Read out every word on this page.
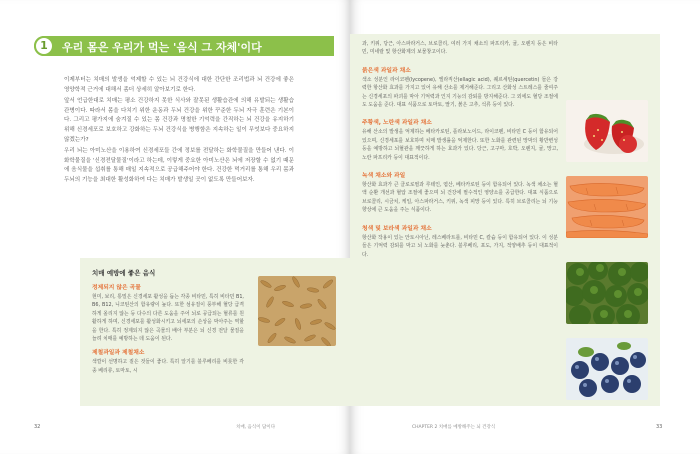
1	우리 몸은 우리가 먹는 '음식 그 자체'이다

이제부터는 치매의 발생을 억제할 수 있는 뇌 건강식에 대한 간단한 조리법과 뇌 건강에 좋은 영양학적 근거에 대해서 좀더 상세히 알아보기로 한다.

앞서 언급한대로 치매는 평소 건강하지 못한 식사와 잘못된 생활습관에 의해 유발되는 생활습관병이다. 따라서 몸을 다치기 위한 운동과 두뇌 건강을 위한 꾸준한 두뇌 자극 훈련은 기본이다. 그리고 평가지에 숨겨질 수 있는 몸 건강과 명철한 기억력을 간직하는 뇌 건강을 유지하기 위해 신경세포로 보호하고 강화하는 두뇌 건강식을 병행함은 지속하는 일이 무엇보다 중요하지 않겠는가?

우리 뇌는 아미노산을 이용하여 신경세포들 간에 정보를 전달하는 화학물질을 만들어 낸다. 이 화학물질을 '신경전달물질'이라고 하는데, 이렇게 중요한 아미노산은 뇌에 저장할 수 없기 때문에 음식물을 섭취를 통해 매일 지속적으로 공급해주어야 한다. 건강한 먹거리를 통해 우리 몸과 두뇌의 기능을 최대한 활성화하여 다는 치매가 발생일 곳이 없도록 만들어보자.

치매 예방에 좋은 음식
정제되지 않은 곡물
현미, 보리, 통밀은 신경세포 활성을 돕는 각종 비타민, 특히 비타민 B1, B6, B12, 니코틴산의 함유량이 높다. 또한 섬유질이 풍부해 혈당 급격하게 올리지 않는 등 다수의 다른 도움을 주어 뇌로 공급되는 혈류를 원활하게 하며, 신경세포를 활성화시키고 뇌세포의 손상을 막아주는 역할을 한다. 특히 정제되지 않은 곡물의 배아 부분은 뇌 신경 전달 물질을 늘려 치매를 예방하는 데 도움이 된다.
제철과일과 제철채소
색깔이 선명하고 짙은 것들이 좋다. 특히 알기를 블루베리를 비롯한 각종 베리류, 토마토, 시
32	치매, 음식이 답이다
과, 키위, 당근, 아스파라거스, 브로콜리, 여러 가지 채소의 파프리카, 귤, 오렌지 등은 비타민, 미네랄 및 항산화제의 보물창고이다.
붉은색 과일과 채소
색소 성분인 라이코펜(lycopene), 엘라직산(ellagic acid), 퀘르세틴(quercetin) 들은 강력한 항산화 효과를 가지고 있어 유해 산소를 제거해준다. 그리고 산화성 스트레스를 줄여주는 신경세포의 파괴를 막아 기억력과 인지 기능의 감퇴를 방지해준다. 그 외에도 혈당 조절에도 도움을 준다. 대표 식품으로 토마토, 딸기, 붉은 고추, 석류 등이 있다.
주황색, 노란색 과일과 채소
유해 산소의 발생을 억제하는 베타카로틴, 플라보노이드, 라이코펜, 비타민 C 등이 함유되어 있으며, 신경세포를 보호하며 치매 발생률을 억제한다. 또한 노화를 관련된 망막의 황반변성 등을 예방하고 뇌혈관을 깨끗하게 하는 효과가 있다. 당근, 고구마, 호박, 오렌지, 귤, 망고, 노란 파프리카 등이 대표적이다.
녹색 채소와 과일
항산화 효과가 큰 클로로필과 루테인, 엽산, 베타카로틴 등이 함유되어 있다. 녹색 채소는 혈액 순환 개선과 혈압 조절에 좋으며 뇌 건강에 필수적인 영양소를 공급한다. 대표 식품으로 브로콜리, 시금치, 케일, 아스파라거스, 키위, 녹색 피망 등이 있다. 특히 브로콜리는 뇌 기능 향상에 큰 도움을 주는 식품이다.
청색 및 보라색 과일과 채소
항산화 작용이 있는 안토시아닌, 레스베라트롤, 비타민 C, 칼슘 등이 함유되어 있다. 이 성분들은 기억력 감퇴를 막고 뇌 노화를 늦춘다. 블루베리, 포도, 가지, 적양배추 등이 대표적이다.
CHAPTER 2 치매를 예방해주는 뇌 건강식	33
